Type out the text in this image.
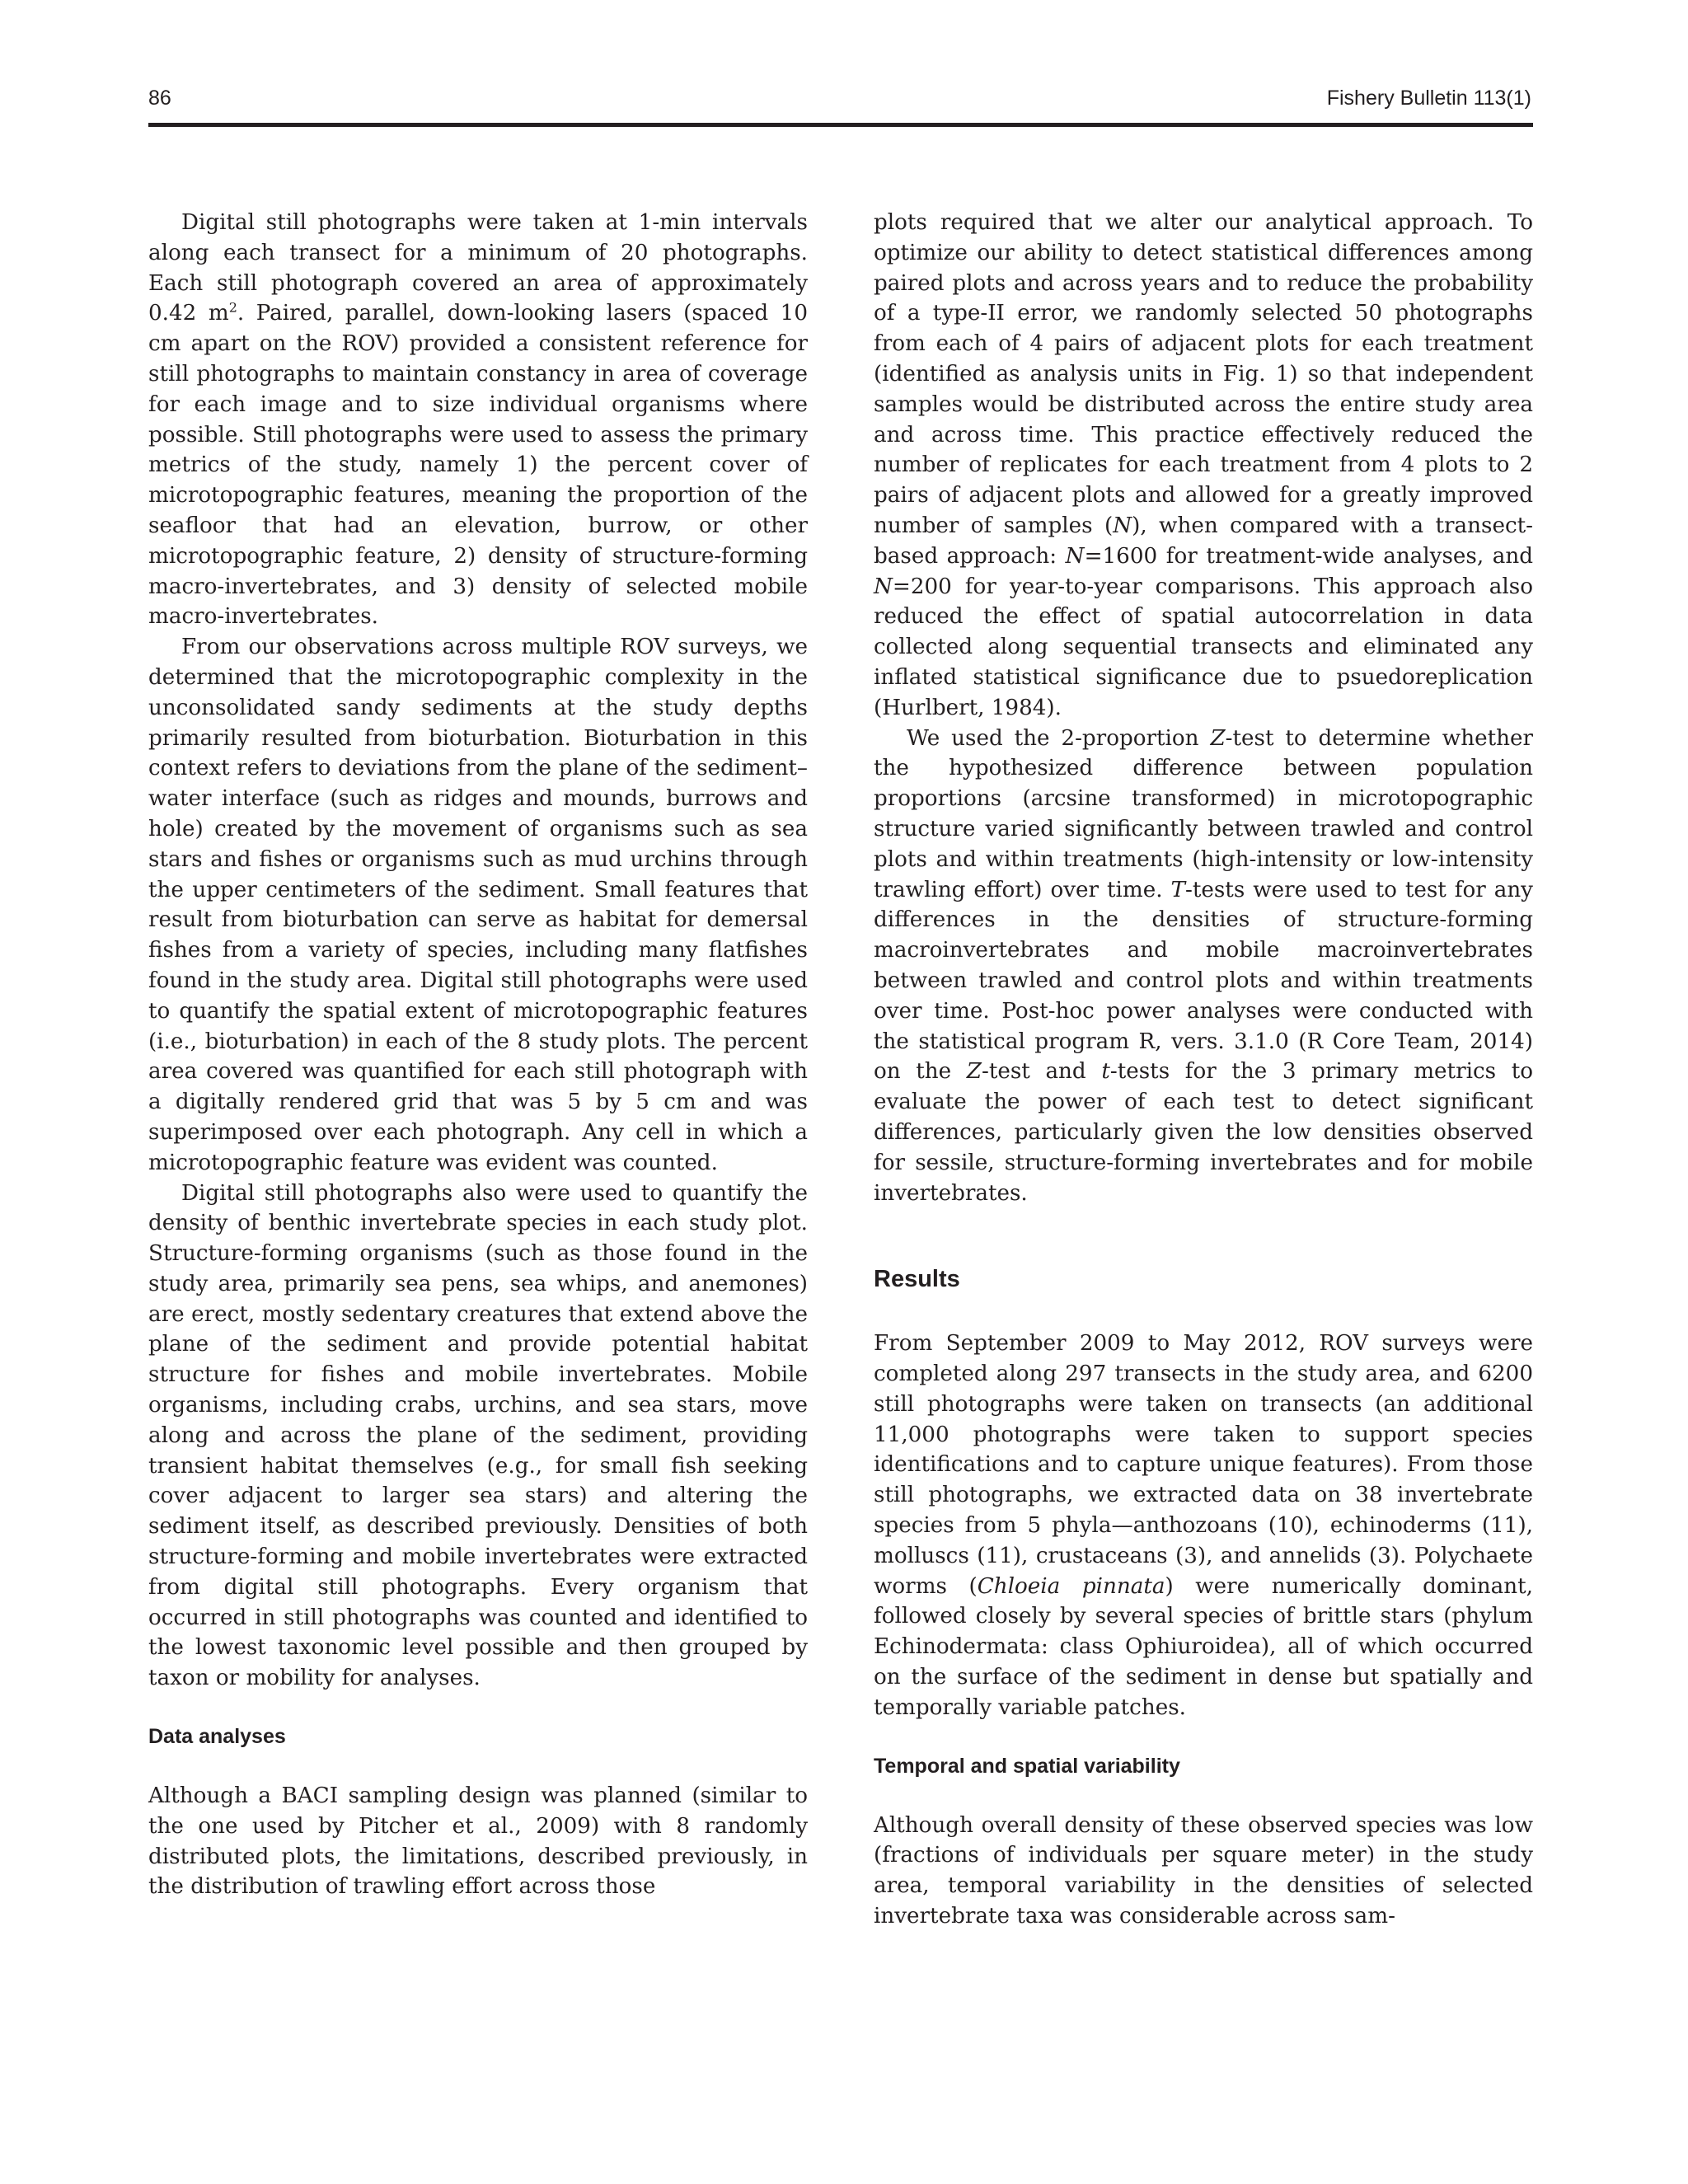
86	Fishery Bulletin 113(1)

Digital still photographs were taken at 1-min intervals along each transect for a minimum of 20 photographs. Each still photograph covered an area of approximately 0.42 $m^2$. Paired, parallel, down-looking lasers (spaced 10 cm apart on the ROV) provided a consistent reference for still photographs to maintain constancy in area of coverage for each image and to size individual organisms where possible. Still photographs were used to assess the primary metrics of the study, namely 1) the percent cover of microtopographic features, meaning the proportion of the seafloor that had an elevation, burrow, or other microtopographic feature, 2) density of structure-forming macro-invertebrates, and 3) density of selected mobile macro-invertebrates.

From our observations across multiple ROV surveys, we determined that the microtopographic complexity in the unconsolidated sandy sediments at the study depths primarily resulted from bioturbation. Bioturbation in this context refers to deviations from the plane of the sediment–water interface (such as ridges and mounds, burrows and hole) created by the movement of organisms such as sea stars and fishes or organisms such as mud urchins through the upper centimeters of the sediment. Small features that result from bioturbation can serve as habitat for demersal fishes from a variety of species, including many flatfishes found in the study area. Digital still photographs were used to quantify the spatial extent of microtopographic features (i.e., bioturbation) in each of the 8 study plots. The percent area covered was quantified for each still photograph with a digitally rendered grid that was 5 by 5 cm and was superimposed over each photograph. Any cell in which a microtopographic feature was evident was counted.

Digital still photographs also were used to quantify the density of benthic invertebrate species in each study plot. Structure-forming organisms (such as those found in the study area, primarily sea pens, sea whips, and anemones) are erect, mostly sedentary creatures that extend above the plane of the sediment and provide potential habitat structure for fishes and mobile invertebrates. Mobile organisms, including crabs, urchins, and sea stars, move along and across the plane of the sediment, providing transient habitat themselves (e.g., for small fish seeking cover adjacent to larger sea stars) and altering the sediment itself, as described previously. Densities of both structure-forming and mobile invertebrates were extracted from digital still photographs. Every organism that occurred in still photographs was counted and identified to the lowest taxonomic level possible and then grouped by taxon or mobility for analyses.

Data analyses

Although a BACI sampling design was planned (similar to the one used by Pitcher et al., 2009) with 8 randomly distributed plots, the limitations, described previously, in the distribution of trawling effort across those

plots required that we alter our analytical approach. To optimize our ability to detect statistical differences among paired plots and across years and to reduce the probability of a type-II error, we randomly selected 50 photographs from each of 4 pairs of adjacent plots for each treatment (identified as analysis units in Fig. 1) so that independent samples would be distributed across the entire study area and across time. This practice effectively reduced the number of replicates for each treatment from 4 plots to 2 pairs of adjacent plots and allowed for a greatly improved number of samples (N), when compared with a transect-based approach: N=1600 for treatment-wide analyses, and N=200 for year-to-year comparisons. This approach also reduced the effect of spatial autocorrelation in data collected along sequential transects and eliminated any inflated statistical significance due to psuedoreplication (Hurlbert, 1984).

We used the 2-proportion Z-test to determine whether the hypothesized difference between population proportions (arcsine transformed) in microtopographic structure varied significantly between trawled and control plots and within treatments (high-intensity or low-intensity trawling effort) over time. T-tests were used to test for any differences in the densities of structure-forming macroinvertebrates and mobile macroinvertebrates between trawled and control plots and within treatments over time. Post-hoc power analyses were conducted with the statistical program R, vers. 3.1.0 (R Core Team, 2014) on the Z-test and t-tests for the 3 primary metrics to evaluate the power of each test to detect significant differences, particularly given the low densities observed for sessile, structure-forming invertebrates and for mobile invertebrates.

Results

From September 2009 to May 2012, ROV surveys were completed along 297 transects in the study area, and 6200 still photographs were taken on transects (an additional 11,000 photographs were taken to support species identifications and to capture unique features). From those still photographs, we extracted data on 38 invertebrate species from 5 phyla—anthozoans (10), echinoderms (11), molluscs (11), crustaceans (3), and annelids (3). Polychaete worms (Chloeia pinnata) were numerically dominant, followed closely by several species of brittle stars (phylum Echinodermata: class Ophiuroidea), all of which occurred on the surface of the sediment in dense but spatially and temporally variable patches.

Temporal and spatial variability

Although overall density of these observed species was low (fractions of individuals per square meter) in the study area, temporal variability in the densities of selected invertebrate taxa was considerable across sam-
